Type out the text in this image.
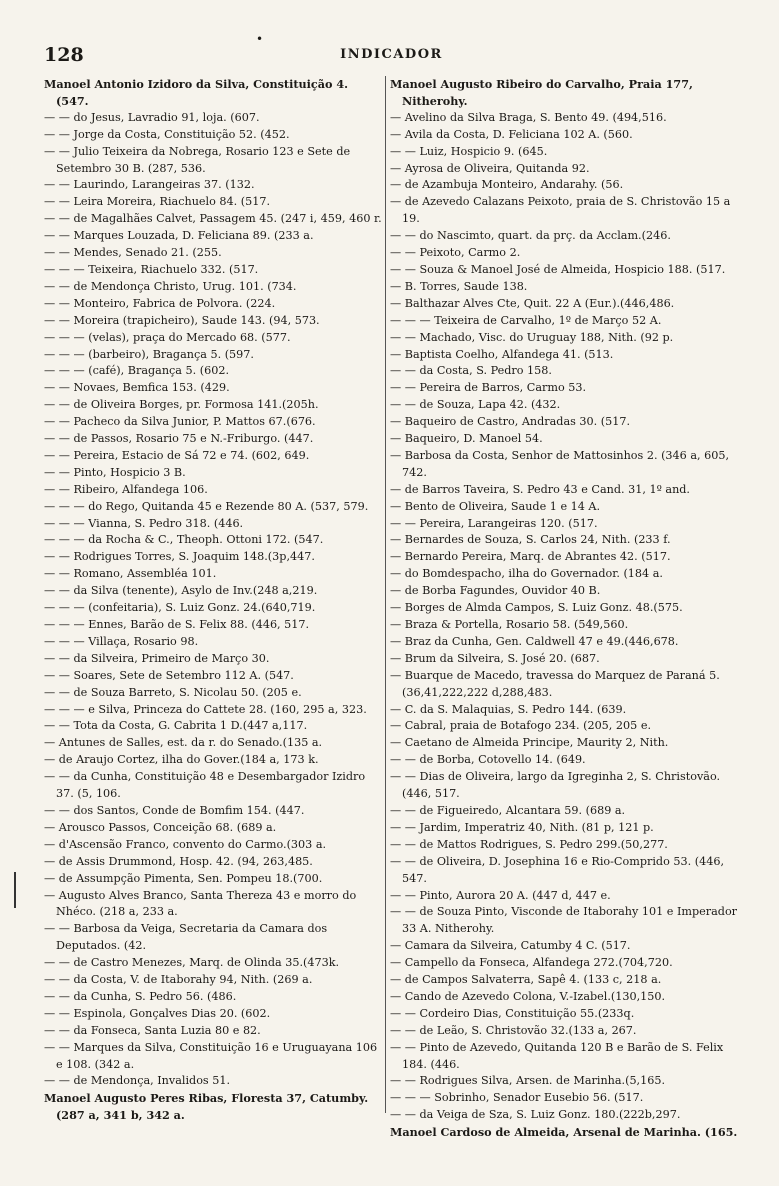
•
128	INDICADOR

Manoel Antonio Izidoro da Silva, Constituição 4. (547.

— — do Jesus, Lavradio 91, loja. (607.

— — Jorge da Costa, Constituição 52. (452.

— — Julio Teixeira da Nobrega, Rosario 123 e Sete de Setembro 30 B. (287, 536.

— — Laurindo, Larangeiras 37. (132.

— — Leira Moreira, Riachuelo 84. (517.

— — de Magalhães Calvet, Passagem 45. (247 i, 459, 460 r.

— — Marques Louzada, D. Feliciana 89. (233 a.

— — Mendes, Senado 21. (255.

— — — Teixeira, Riachuelo 332. (517.

— — de Mendonça Christo, Urug. 101. (734.

— — Monteiro, Fabrica de Polvora. (224.

— — Moreira (trapicheiro), Saude 143. (94, 573.

— — — (velas), praça do Mercado 68. (577.

— — — (barbeiro), Bragança 5. (597.

— — — (café), Bragança 5. (602.

— — Novaes, Bemfica 153. (429.

— — de Oliveira Borges, pr. Formosa 141.(205h.

— — Pacheco da Silva Junior, P. Mattos 67.(676.

— — de Passos, Rosario 75 e N.-Friburgo. (447.

— — Pereira, Estacio de Sá 72 e 74. (602, 649.

— — Pinto, Hospicio 3 B.

— — Ribeiro, Alfandega 106.

— — — do Rego, Quitanda 45 e Rezende 80 A. (537, 579.

— — — Vianna, S. Pedro 318. (446.

— — — da Rocha & C., Theoph. Ottoni 172. (547.

— — Rodrigues Torres, S. Joaquim 148.(3p,447.

— — Romano, Assembléa 101.

— — da Silva (tenente), Asylo de Inv.(248 a,219.

— — — (confeitaria), S. Luiz Gonz. 24.(640,719.

— — — Ennes, Barão de S. Felix 88. (446, 517.

— — — Villaça, Rosario 98.

— — da Silveira, Primeiro de Março 30.

— — Soares, Sete de Setembro 112 A. (547.

— — de Souza Barreto, S. Nicolau 50. (205 e.

— — — e Silva, Princeza do Cattete 28. (160, 295 a, 323.

— — Tota da Costa, G. Cabrita 1 D.(447 a,117.

— Antunes de Salles, est. da r. do Senado.(135 a.

— de Araujo Cortez, ilha do Gover.(184 a, 173 k.

— — da Cunha, Constituição 48 e Desembargador Izidro 37. (5, 106.

— — dos Santos, Conde de Bomfim 154. (447.

— Arousco Passos, Conceição 68. (689 a.

— d'Ascensão Franco, convento do Carmo.(303 a.

— de Assis Drummond, Hosp. 42. (94, 263,485.

— de Assumpção Pimenta, Sen. Pompeu 18.(700.

— Augusto Alves Branco, Santa Thereza 43 e morro do Nhéco. (218 a, 233 a.

— — Barbosa da Veiga, Secretaria da Camara dos Deputados. (42.

— — de Castro Menezes, Marq. de Olinda 35.(473k.

— — da Costa, V. de Itaborahy 94, Nith. (269 a.

— — da Cunha, S. Pedro 56. (486.

— — Espinola, Gonçalves Dias 20. (602.

— — da Fonseca, Santa Luzia 80 e 82.

— — Marques da Silva, Constituição 16 e Uruguayana 106 e 108. (342 a.

— — de Mendonça, Invalidos 51.

Manoel Augusto Peres Ribas, Floresta 37, Catumby. (287 a, 341 b, 342 a.

Manoel Augusto Ribeiro do Carvalho, Praia 177, Nitherohy.

— Avelino da Silva Braga, S. Bento 49. (494,516.

— Avila da Costa, D. Feliciana 102 A. (560.

— — Luiz, Hospicio 9. (645.

— Ayrosa de Oliveira, Quitanda 92.

— de Azambuja Monteiro, Andarahy. (56.

— de Azevedo Calazans Peixoto, praia de S. Christovão 15 a 19.

— — do Nascimto, quart. da prç. da Acclam.(246.

— — Peixoto, Carmo 2.

— — Souza & Manoel José de Almeida, Hospicio 188. (517.

— B. Torres, Saude 138.

— Balthazar Alves Cte, Quit. 22 A (Eur.).(446,486.

— — — Teixeira de Carvalho, 1º de Março 52 A.

— — Machado, Visc. do Uruguay 188, Nith. (92 p.

— Baptista Coelho, Alfandega 41. (513.

— — da Costa, S. Pedro 158.

— — Pereira de Barros, Carmo 53.

— — de Souza, Lapa 42. (432.

— Baqueiro de Castro, Andradas 30. (517.

— Baqueiro, D. Manoel 54.

— Barbosa da Costa, Senhor de Mattosinhos 2. (346 a, 605, 742.

— de Barros Taveira, S. Pedro 43 e Cand. 31, 1º and.

— Bento de Oliveira, Saude 1 e 14 A.

— — Pereira, Larangeiras 120. (517.

— Bernardes de Souza, S. Carlos 24, Nith. (233 f.

— Bernardo Pereira, Marq. de Abrantes 42. (517.

— do Bomdespacho, ilha do Governador. (184 a.

— de Borba Fagundes, Ouvidor 40 B.

— Borges de Almda Campos, S. Luiz Gonz. 48.(575.

— Braza & Portella, Rosario 58. (549,560.

— Braz da Cunha, Gen. Caldwell 47 e 49.(446,678.

— Brum da Silveira, S. José 20. (687.

— Buarque de Macedo, travessa do Marquez de Paraná 5. (36,41,222,222 d,288,483.

— C. da S. Malaquias, S. Pedro 144. (639.

— Cabral, praia de Botafogo 234. (205, 205 e.

— Caetano de Almeida Principe, Maurity 2, Nith.

— — de Borba, Cotovello 14. (649.

— — Dias de Oliveira, largo da Igreginha 2, S. Christovão. (446, 517.

— — de Figueiredo, Alcantara 59. (689 a.

— — Jardim, Imperatriz 40, Nith. (81 p, 121 p.

— — de Mattos Rodrigues, S. Pedro 299.(50,277.

— — de Oliveira, D. Josephina 16 e Rio-Comprido 53. (446, 547.

— — Pinto, Aurora 20 A. (447 d, 447 e.

— — de Souza Pinto, Visconde de Itaborahy 101 e Imperador 33 A. Nitherohy.

— Camara da Silveira, Catumby 4 C. (517.

— Campello da Fonseca, Alfandega 272.(704,720.

— de Campos Salvaterra, Sapê 4. (133 c, 218 a.

— Cando de Azevedo Colona, V.-Izabel.(130,150.

— — Cordeiro Dias, Constituição 55.(233q.

— — de Leão, S. Christovão 32.(133 a, 267.

— — Pinto de Azevedo, Quitanda 120 B e Barão de S. Felix 184. (446.

— — Rodrigues Silva, Arsen. de Marinha.(5,165.

— — — Sobrinho, Senador Eusebio 56. (517.

— — da Veiga de Sza, S. Luiz Gonz. 180.(222b,297.

Manoel Cardoso de Almeida, Arsenal de Marinha. (165.
